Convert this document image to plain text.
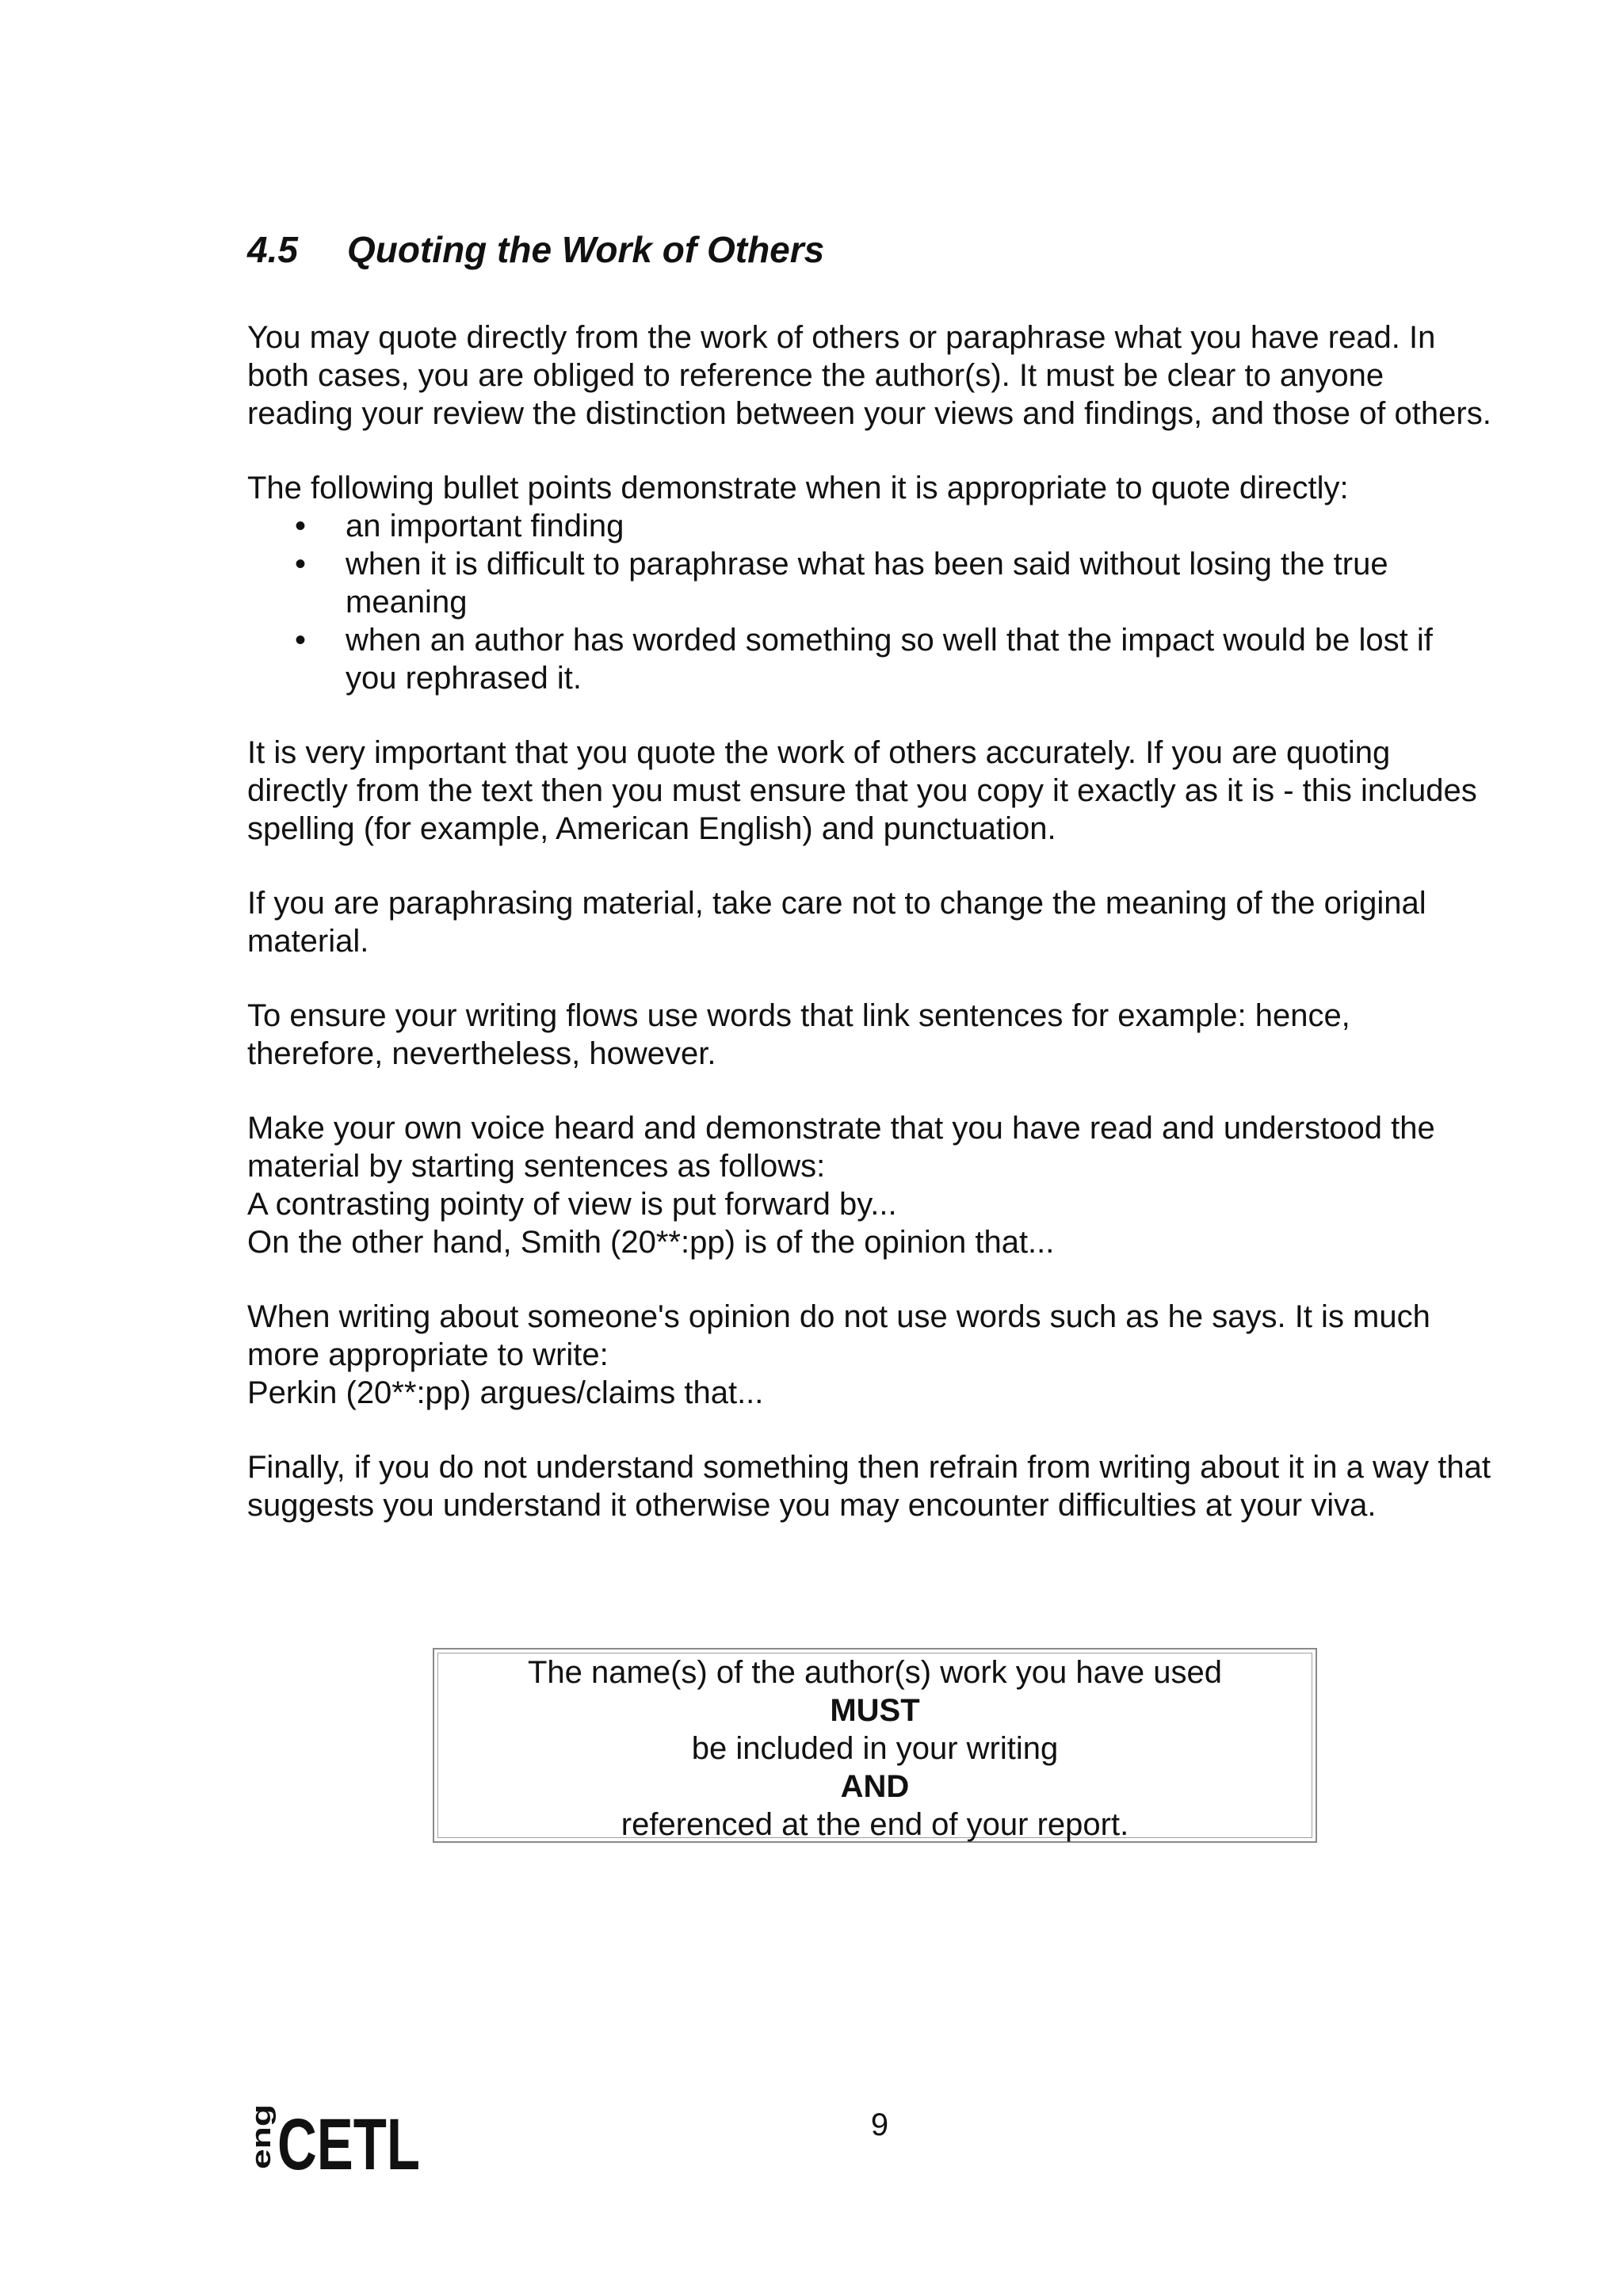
4.5 Quoting the Work of Others

You may quote directly from the work of others or paraphrase what you have read. In both cases, you are obliged to reference the author(s). It must be clear to anyone reading your review the distinction between your views and findings, and those of others.

The following bullet points demonstrate when it is appropriate to quote directly:

•	an important finding
•	when it is difficult to paraphrase what has been said without losing the true meaning
•	when an author has worded something so well that the impact would be lost if you rephrased it.

It is very important that you quote the work of others accurately. If you are quoting directly from the text then you must ensure that you copy it exactly as it is - this includes spelling (for example, American English) and punctuation.

If you are paraphrasing material, take care not to change the meaning of the original material.

To ensure your writing flows use words that link sentences for example: hence, therefore, nevertheless, however.

Make your own voice heard and demonstrate that you have read and understood the material by starting sentences as follows:
A contrasting pointy of view is put forward by...
On the other hand, Smith (20**:pp) is of the opinion that...

When writing about someone's opinion do not use words such as he says. It is much more appropriate to write:
Perkin (20**:pp) argues/claims that...

Finally, if you do not understand something then refrain from writing about it in a way that suggests you understand it otherwise you may encounter difficulties at your viva.

The name(s) of the author(s) work you have used
MUST
be included in your writing
AND
referenced at the end of your report.
eng CETL	9
